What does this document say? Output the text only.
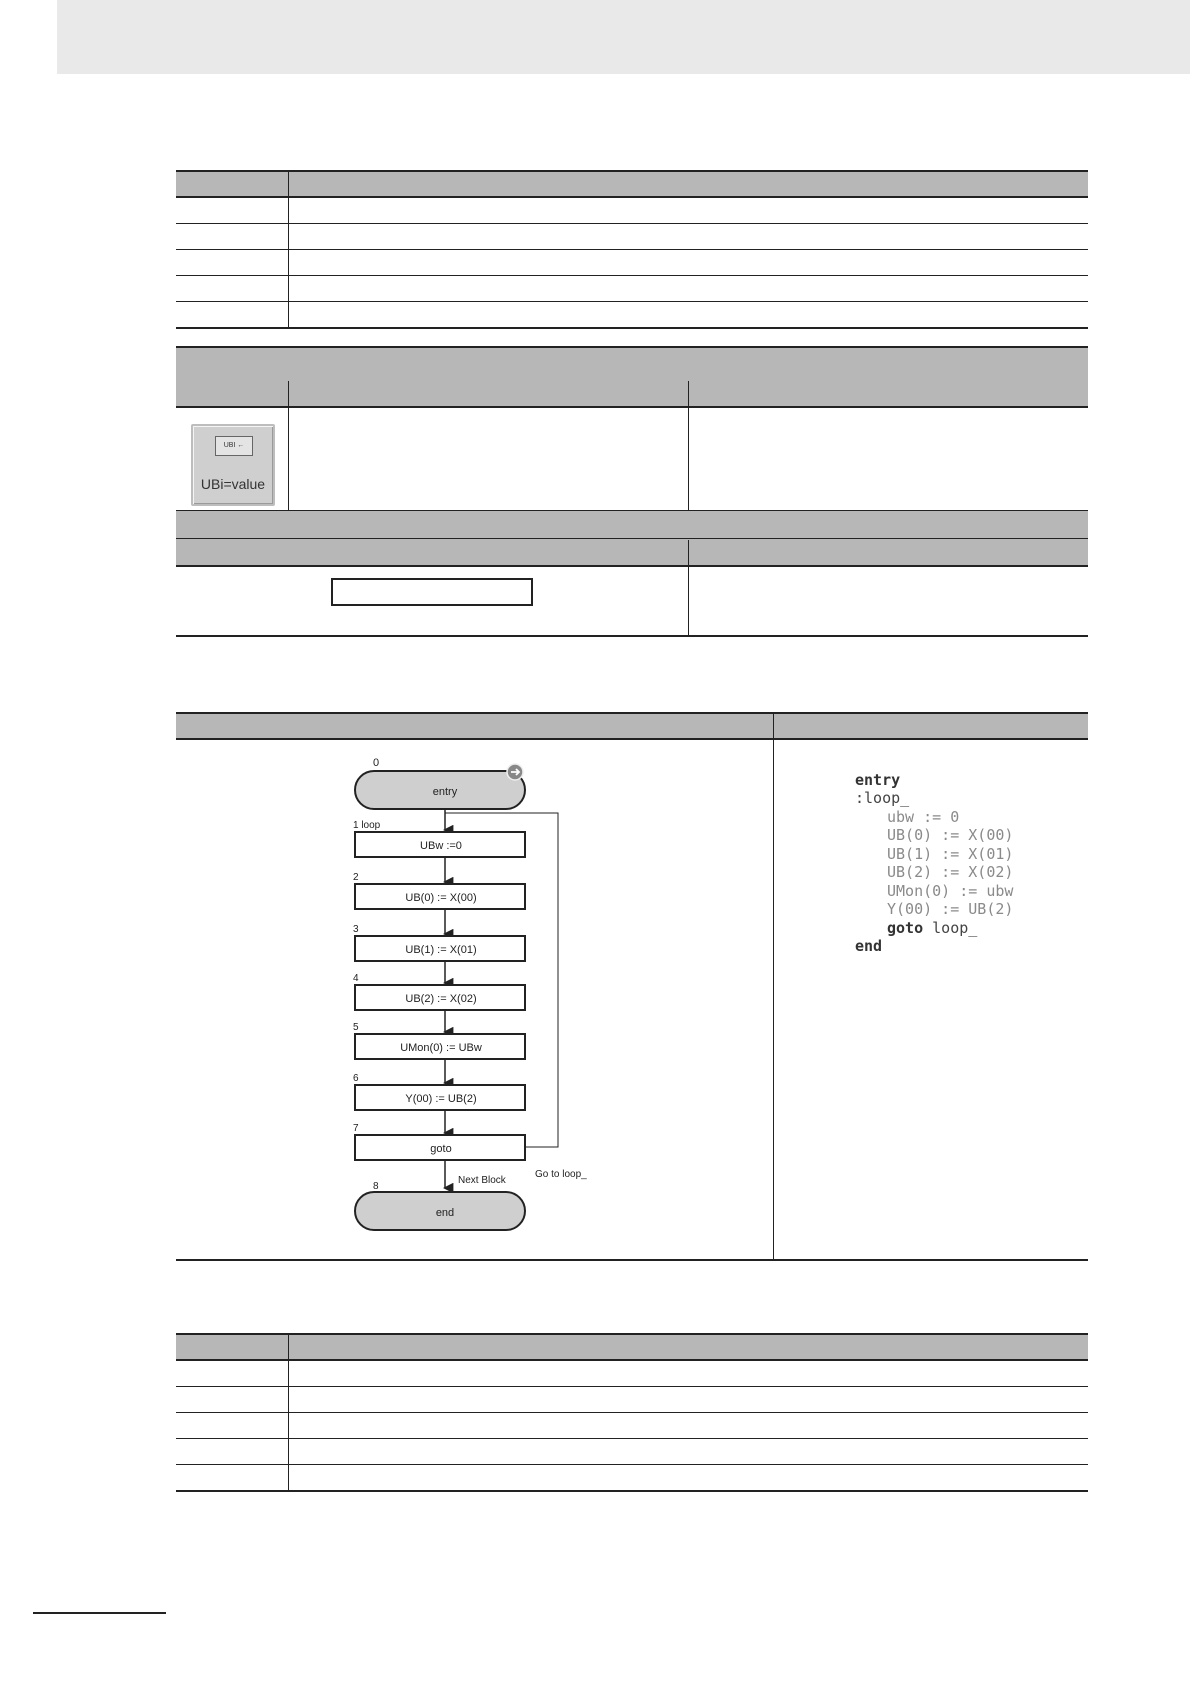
UBI ←
UBi=value
0
entry
1 loop
UBw :=0
2
UB(0) := X(00)
3
UB(1) := X(01)
4
UB(2) := X(02)
5
UMon(0) := UBw
6
Y(00) := UB(2)
7
goto
Go to loop_
Next Block
8
end

entry
:loop_
ubw := 0
UB(0) := X(00)
UB(1) := X(01)
UB(2) := X(02)
UMon(0) := ubw
Y(00) := UB(2)
goto loop_
end
